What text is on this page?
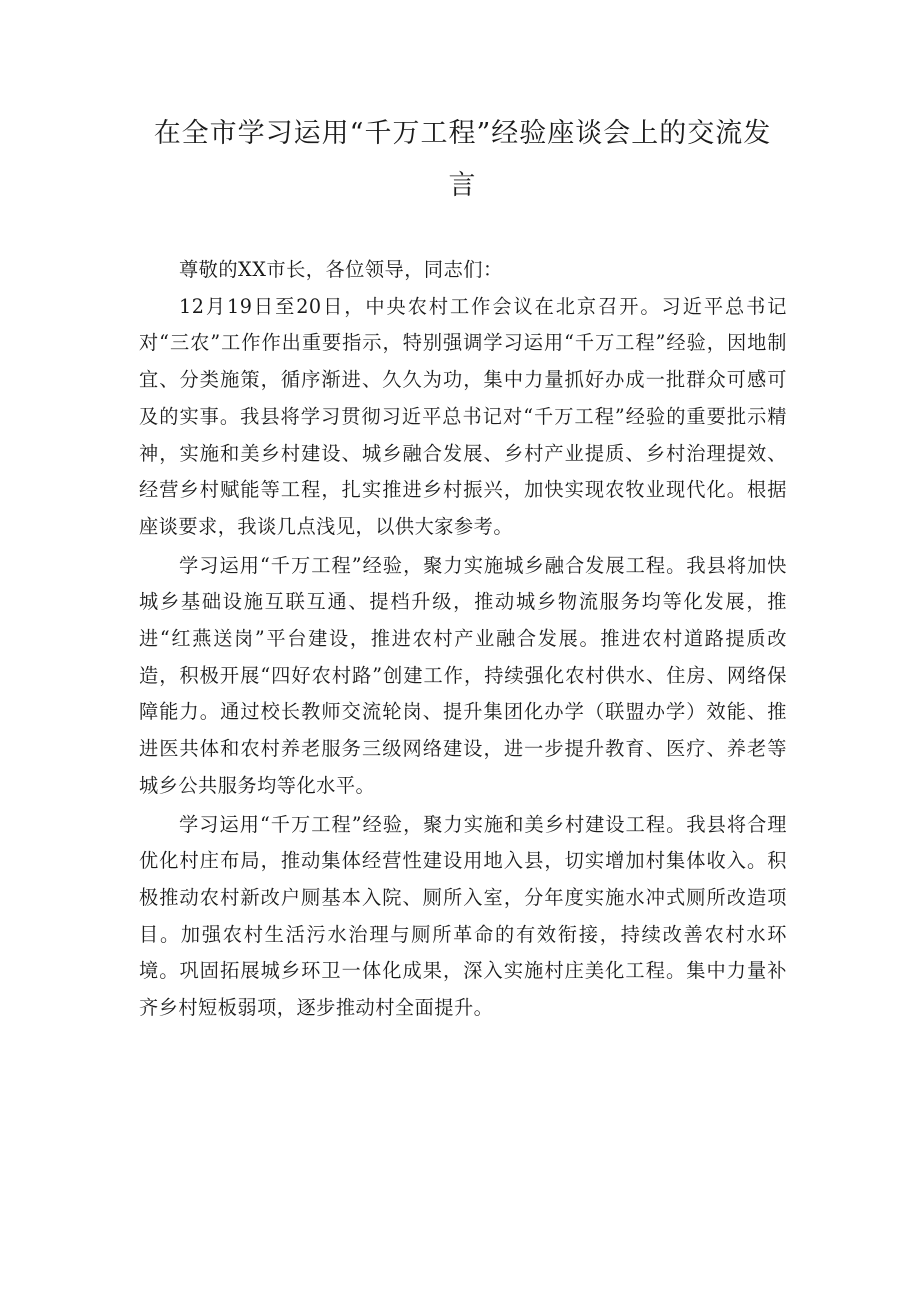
在全市学习运用“千万工程”经验座谈会上的交流发言

尊敬的XX市长，各位领导，同志们：

12月19日至20日，中央农村工作会议在北京召开。习近平总书记对“三农”工作作出重要指示，特别强调学习运用“千万工程”经验，因地制宜、分类施策，循序渐进、久久为功，集中力量抓好办成一批群众可感可及的实事。我县将学习贯彻习近平总书记对“千万工程”经验的重要批示精神，实施和美乡村建设、城乡融合发展、乡村产业提质、乡村治理提效、经营乡村赋能等工程，扎实推进乡村振兴，加快实现农牧业现代化。根据座谈要求，我谈几点浅见，以供大家参考。

学习运用“千万工程”经验，聚力实施城乡融合发展工程。我县将加快城乡基础设施互联互通、提档升级，推动城乡物流服务均等化发展，推进“红燕送岗”平台建设，推进农村产业融合发展。推进农村道路提质改造，积极开展“四好农村路”创建工作，持续强化农村供水、住房、网络保障能力。通过校长教师交流轮岗、提升集团化办学（联盟办学）效能、推进医共体和农村养老服务三级网络建设，进一步提升教育、医疗、养老等城乡公共服务均等化水平。

学习运用“千万工程”经验，聚力实施和美乡村建设工程。我县将合理优化村庄布局，推动集体经营性建设用地入县，切实增加村集体收入。积极推动农村新改户厕基本入院、厕所入室，分年度实施水冲式厕所改造项目。加强农村生活污水治理与厕所革命的有效衔接，持续改善农村水环境。巩固拓展城乡环卫一体化成果，深入实施村庄美化工程。集中力量补齐乡村短板弱项，逐步推动村全面提升。
